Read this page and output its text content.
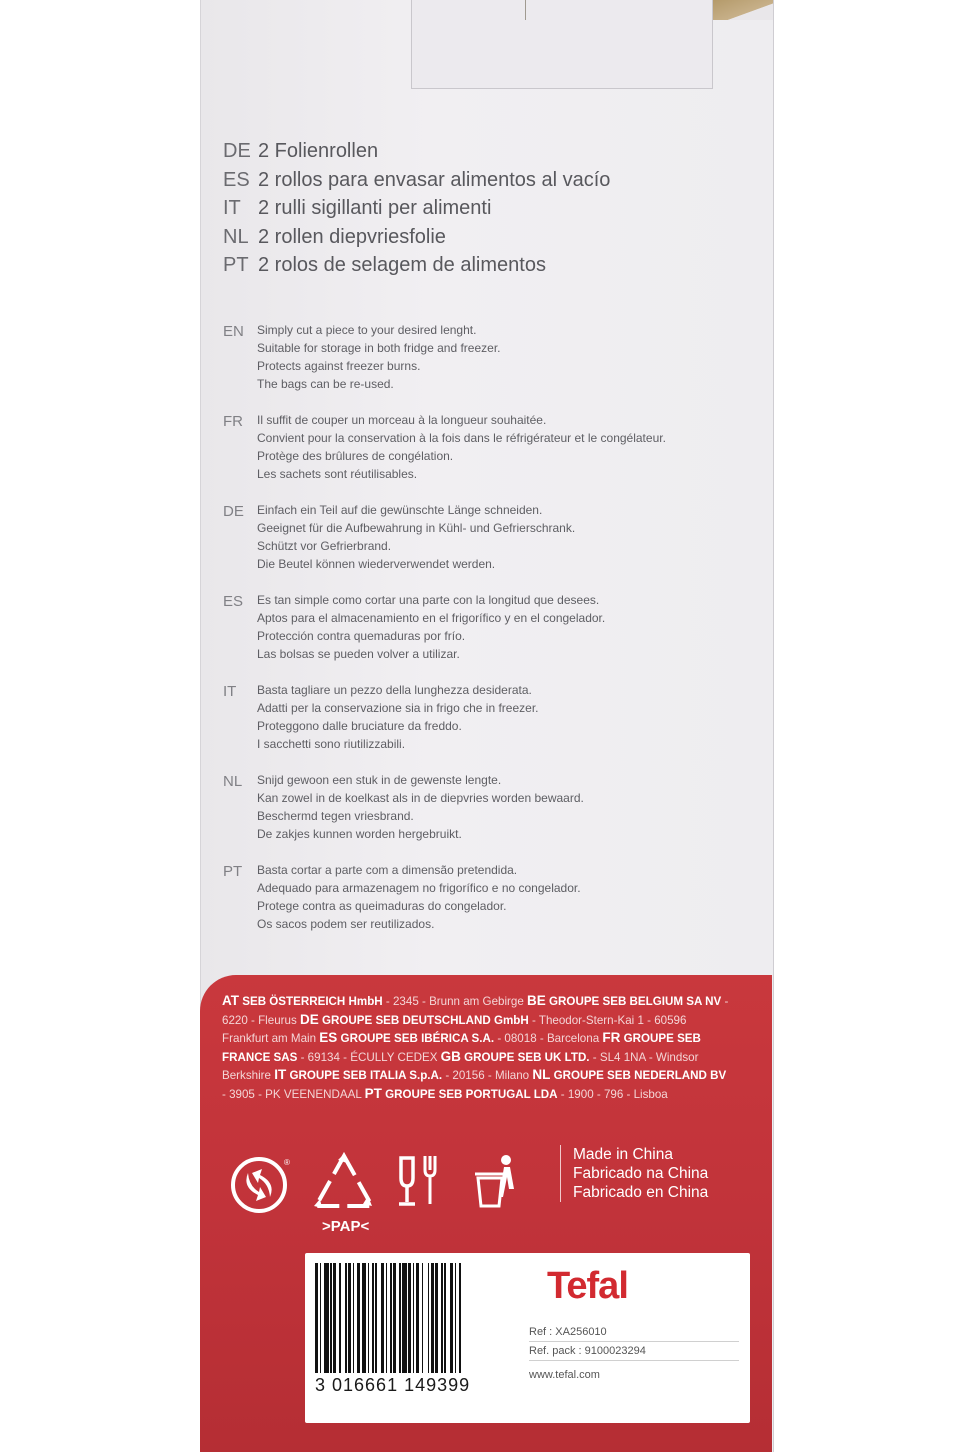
DE 2 Folienrollen
ES 2 rollos para envasar alimentos al vacío
IT 2 rulli sigillanti per alimenti
NL 2 rollen diepvriesfolie
PT 2 rolos de selagem de alimentos
EN	Simply cut a piece to your desired lenght.
Suitable for storage in both fridge and freezer.
Protects against freezer burns.
The bags can be re-used.
FR	Il suffit de couper un morceau à la longueur souhaitée.
Convient pour la conservation à la fois dans le réfrigérateur et le congélateur.
Protège des brûlures de congélation.
Les sachets sont réutilisables.
DE	Einfach ein Teil auf die gewünschte Länge schneiden.
Geeignet für die Aufbewahrung in Kühl- und Gefrierschrank.
Schützt vor Gefrierbrand.
Die Beutel können wiederverwendet werden.
ES	Es tan simple como cortar una parte con la longitud que desees.
Aptos para el almacenamiento en el frigorífico y en el congelador.
Protección contra quemaduras por frío.
Las bolsas se pueden volver a utilizar.
IT	Basta tagliare un pezzo della lunghezza desiderata.
Adatti per la conservazione sia in frigo che in freezer.
Proteggono dalle bruciature da freddo.
I sacchetti sono riutilizzabili.
NL	Snijd gewoon een stuk in de gewenste lengte.
Kan zowel in de koelkast als in de diepvries worden bewaard.
Beschermd tegen vriesbrand.
De zakjes kunnen worden hergebruikt.
PT	Basta cortar a parte com a dimensão pretendida.
Adequado para armazenagem no frigorífico e no congelador.
Protege contra as queimaduras do congelador.
Os sacos podem ser reutilizados.
AT SEB ÖSTERREICH HmbH - 2345 - Brunn am Gebirge BE GROUPE SEB BELGIUM SA NV - 6220 - Fleurus DE GROUPE SEB DEUTSCHLAND GmbH - Theodor-Stern-Kai 1 - 60596 Frankfurt am Main ES GROUPE SEB IBÉRICA S.A. - 08018 - Barcelona FR GROUPE SEB FRANCE SAS - 69134 - ÉCULLY CEDEX GB GROUPE SEB UK LTD. - SL4 1NA - Windsor Berkshire IT GROUPE SEB ITALIA S.p.A. - 20156 - Milano NL GROUPE SEB NEDERLAND BV - 3905 - PK VEENENDAAL PT GROUPE SEB PORTUGAL LDA - 1900 - 796 - Lisboa
®
>PAP<
Made in China
Fabricado na China
Fabricado en China
3 016661 149399
Tefal
Ref : XA256010
Ref. pack : 9100023294
www.tefal.com
